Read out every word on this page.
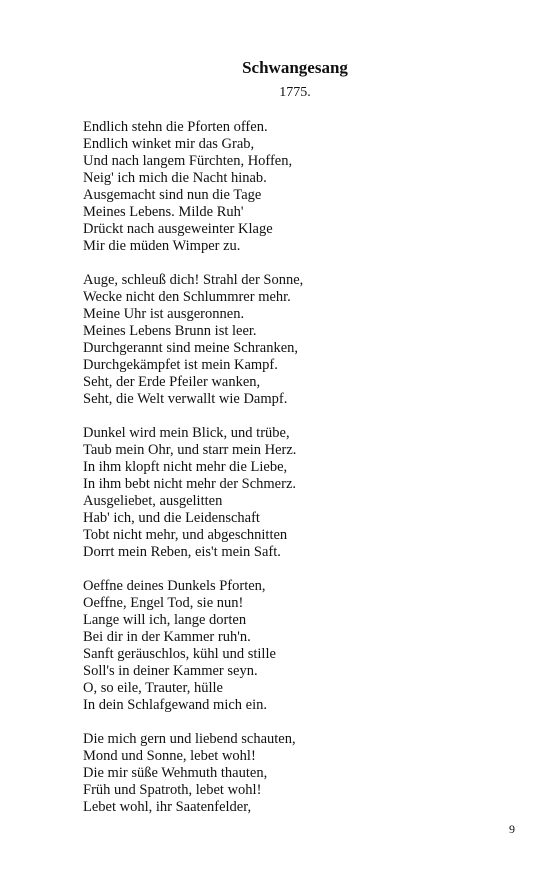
Schwangesang
1775.
Endlich stehn die Pforten offen.
Endlich winket mir das Grab,
Und nach langem Fürchten, Hoffen,
Neig' ich mich die Nacht hinab.
Ausgemacht sind nun die Tage
Meines Lebens. Milde Ruh'
Drückt nach ausgeweinter Klage
Mir die müden Wimper zu.
Auge, schleuß dich! Strahl der Sonne,
Wecke nicht den Schlummrer mehr.
Meine Uhr ist ausgeronnen.
Meines Lebens Brunn ist leer.
Durchgerannt sind meine Schranken,
Durchgekämpfet ist mein Kampf.
Seht, der Erde Pfeiler wanken,
Seht, die Welt verwallt wie Dampf.
Dunkel wird mein Blick, und trübe,
Taub mein Ohr, und starr mein Herz.
In ihm klopft nicht mehr die Liebe,
In ihm bebt nicht mehr der Schmerz.
Ausgeliebet, ausgelitten
Hab' ich, und die Leidenschaft
Tobt nicht mehr, und abgeschnitten
Dorrt mein Reben, eis't mein Saft.
Oeffne deines Dunkels Pforten,
Oeffne, Engel Tod, sie nun!
Lange will ich, lange dorten
Bei dir in der Kammer ruh'n.
Sanft geräuschlos, kühl und stille
Soll's in deiner Kammer seyn.
O, so eile, Trauter, hülle
In dein Schlafgewand mich ein.
Die mich gern und liebend schauten,
Mond und Sonne, lebet wohl!
Die mir süße Wehmuth thauten,
Früh und Spatroth, lebet wohl!
Lebet wohl, ihr Saatenfelder,
9
